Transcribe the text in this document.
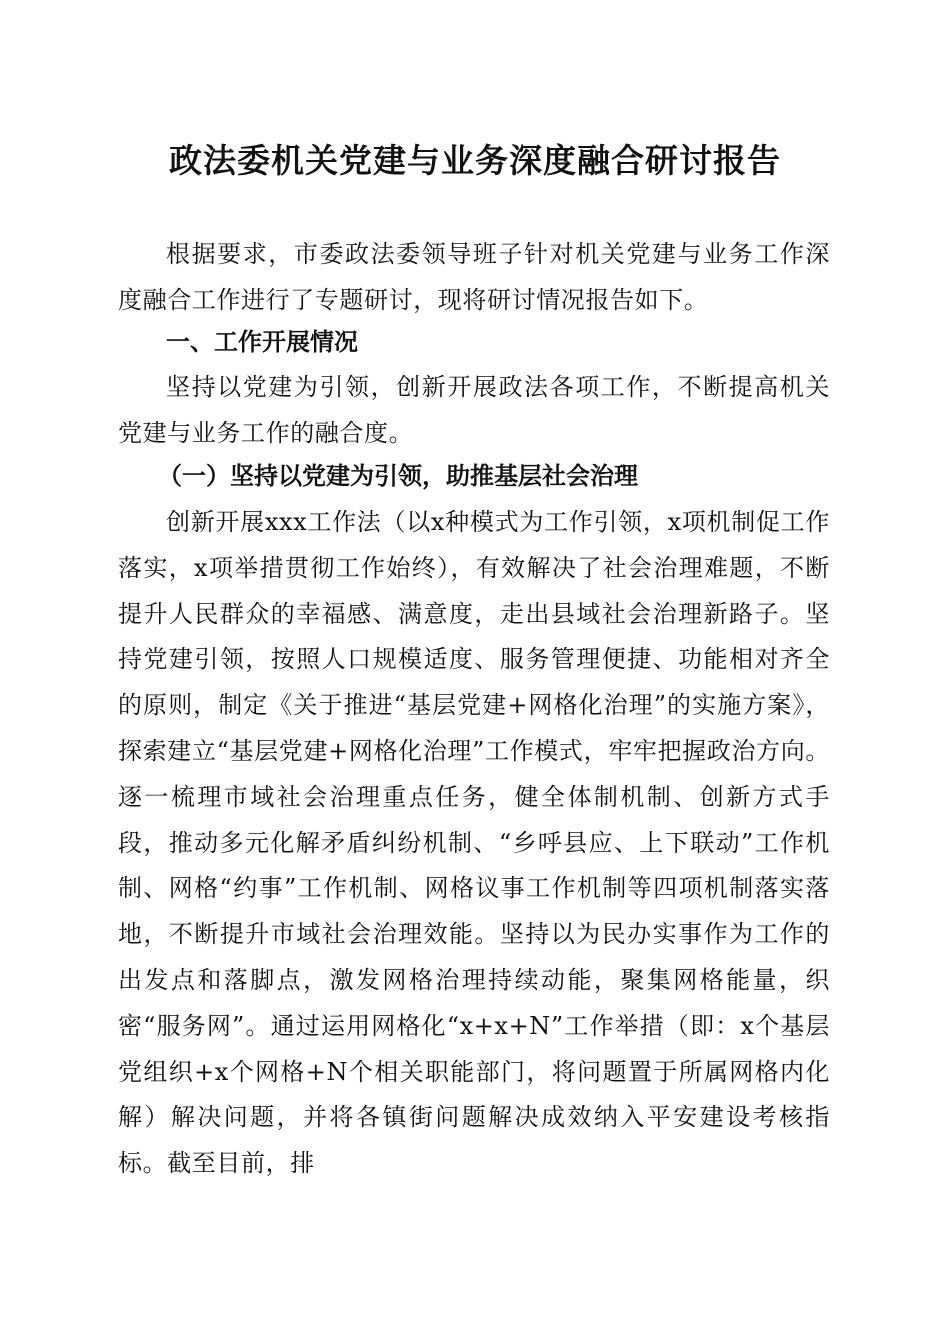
政法委机关党建与业务深度融合研讨报告

根据要求，市委政法委领导班子针对机关党建与业务工作深度融合工作进行了专题研讨，现将研讨情况报告如下。

一、工作开展情况

坚持以党建为引领，创新开展政法各项工作，不断提高机关党建与业务工作的融合度。

（一）坚持以党建为引领，助推基层社会治理

创新开展xxx工作法（以x种模式为工作引领，x项机制促工作落实，x项举措贯彻工作始终），有效解决了社会治理难题，不断提升人民群众的幸福感、满意度，走出县域社会治理新路子。坚持党建引领，按照人口规模适度、服务管理便捷、功能相对齐全的原则，制定《关于推进“基层党建+网格化治理”的实施方案》，探索建立“基层党建+网格化治理”工作模式，牢牢把握政治方向。逐一梳理市域社会治理重点任务，健全体制机制、创新方式手段，推动多元化解矛盾纠纷机制、“乡呼县应、上下联动”工作机制、网格“约事”工作机制、网格议事工作机制等四项机制落实落地，不断提升市域社会治理效能。坚持以为民办实事作为工作的出发点和落脚点，激发网格治理持续动能，聚集网格能量，织密“服务网”。通过运用网格化“x+x+N”工作举措（即：x个基层党组织+x个网格+N个相关职能部门，将问题置于所属网格内化解）解决问题，并将各镇街问题解决成效纳入平安建设考核指标。截至目前，排
